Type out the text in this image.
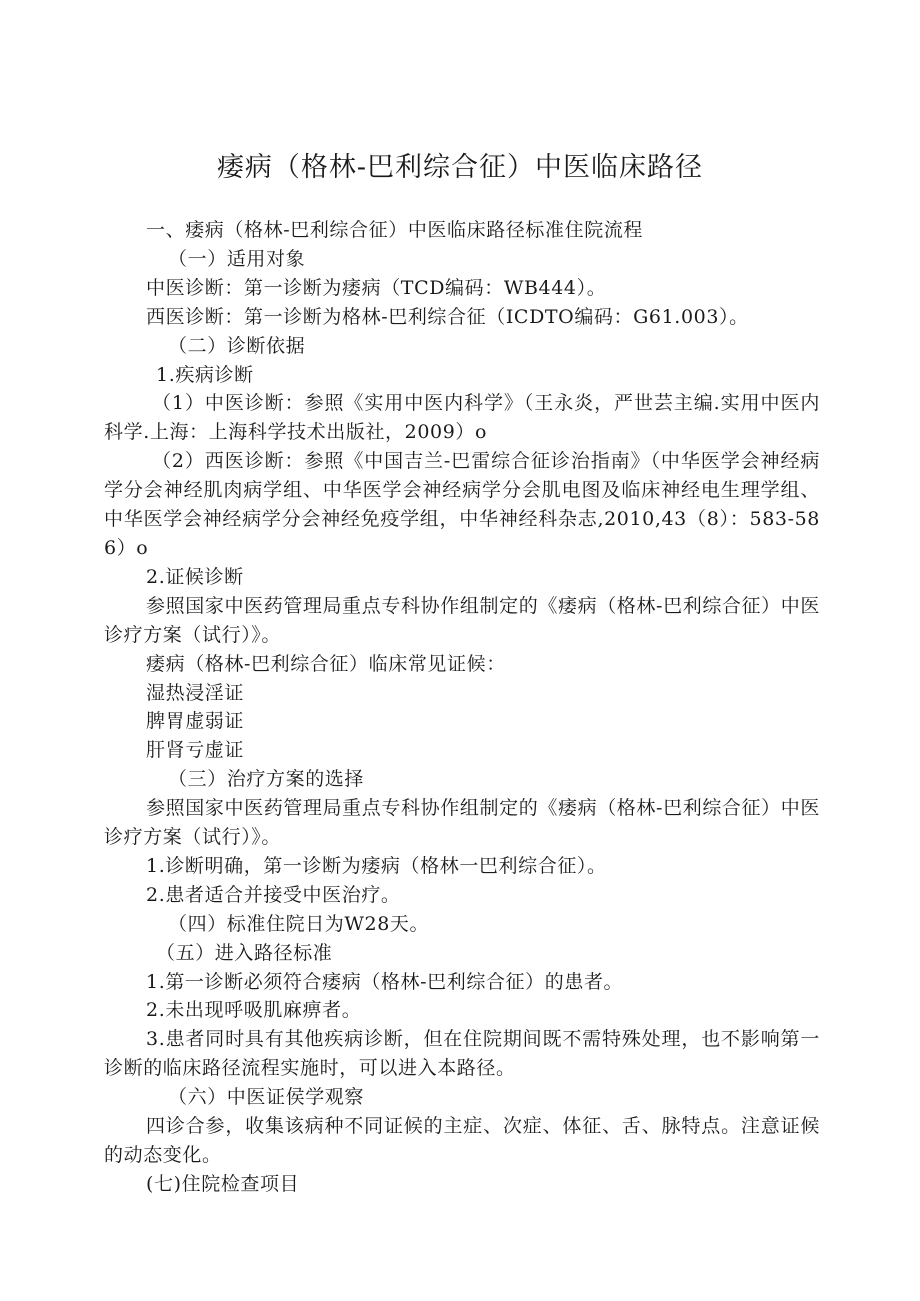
痿病（格林-巴利综合征）中医临床路径

一、痿病（格林-巴利综合征）中医临床路径标准住院流程

（一）适用对象

中医诊断：第一诊断为痿病（TCD编码：WB444）。

西医诊断：第一诊断为格林-巴利综合征（ICDTO编码：G61.003）。

（二）诊断依据

1.疾病诊断

（1）中医诊断：参照《实用中医内科学》（王永炎，严世芸主编.实用中医内科学.上海：上海科学技术出版社，2009）o

（2）西医诊断：参照《中国吉兰-巴雷综合征诊治指南》（中华医学会神经病学分会神经肌肉病学组、中华医学会神经病学分会肌电图及临床神经电生理学组、中华医学会神经病学分会神经免疫学组，中华神经科杂志,2010,43（8）：583-586）o

2.证候诊断

参照国家中医药管理局重点专科协作组制定的《痿病（格林-巴利综合征）中医诊疗方案（试行）》。

痿病（格林-巴利综合征）临床常见证候：

湿热浸淫证

脾胃虚弱证

肝肾亏虚证

（三）治疗方案的选择

参照国家中医药管理局重点专科协作组制定的《痿病（格林-巴利综合征）中医诊疗方案（试行）》。

1.诊断明确，第一诊断为痿病（格林一巴利综合征）。

2.患者适合并接受中医治疗。

（四）标准住院日为W28天。

（五）进入路径标准

1.第一诊断必须符合痿病（格林-巴利综合征）的患者。

2.未出现呼吸肌麻痹者。

3.患者同时具有其他疾病诊断，但在住院期间既不需特殊处理，也不影响第一诊断的临床路径流程实施时，可以进入本路径。

（六）中医证侯学观察

四诊合参，收集该病种不同证候的主症、次症、体征、舌、脉特点。注意证候的动态变化。

(七)住院检查项目
